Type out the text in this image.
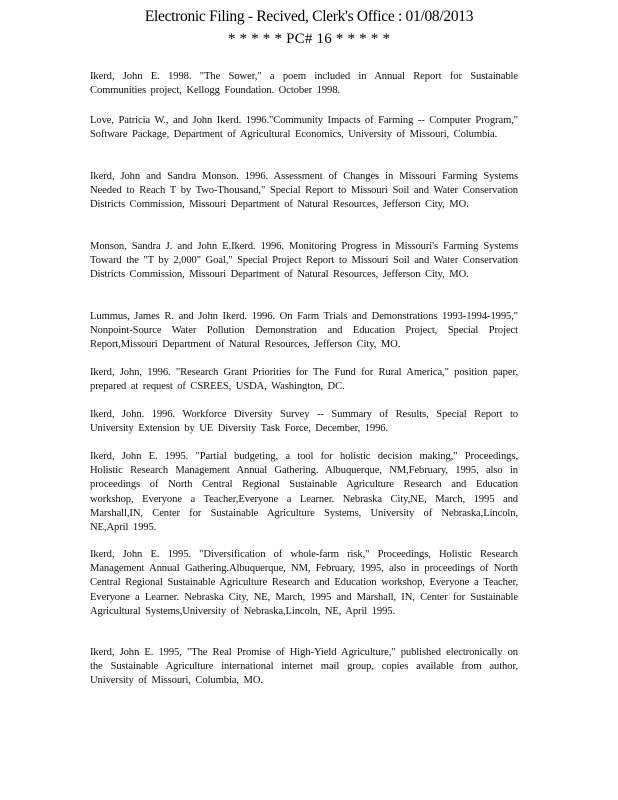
Electronic Filing - Recived, Clerk's Office : 01/08/2013
* * * * * PC# 16 * * * * *

Ikerd, John E. 1998. "The Sower," a poem included in Annual Report for Sustainable Communities project, Kellogg Foundation. October 1998.

Love, Patricia W., and John Ikerd. 1996."Community Impacts of Farming -- Computer Program," Software Package, Department of Agricultural Economics, University of Missouri, Columbia.

Ikerd, John and Sandra Monson. 1996. Assessment of Changes in Missouri Farming Systems Needed to Reach T by Two-Thousand," Special Report to Missouri Soil and Water Conservation Districts Commission, Missouri Department of Natural Resources, Jefferson City, MO.

Monson, Sandra J. and John E.Ikerd. 1996. Monitoring Progress in Missouri's Farming Systems Toward the "T by 2,000" Goal," Special Project Report to Missouri Soil and Water Conservation Districts Commission, Missouri Department of Natural Resources, Jefferson City, MO.

Lummus, James R. and John Ikerd. 1996. On Farm Trials and Demonstrations 1993-1994-1995," Nonpoint-Source Water Pollution Demonstration and Education Project, Special Project Report,Missouri Department of Natural Resources, Jefferson City, MO.

Ikerd, John, 1996. "Research Grant Priorities for The Fund for Rural America," position paper, prepared at request of CSREES, USDA, Washington, DC.

Ikerd, John. 1996. Workforce Diversity Survey -- Summary of Results, Special Report to University Extension by UE Diversity Task Force, December, 1996.

Ikerd, John E. 1995. "Partial budgeting, a tool for holistic decision making," Proceedings, Holistic Research Management Annual Gathering. Albuquerque, NM,February, 1995, also in proceedings of North Central Regional Sustainable Agriculture Research and Education workshop, Everyone a Teacher,Everyone a Learner. Nebraska City,NE, March, 1995 and Marshall,IN, Center for Sustainable Agriculture Systems, University of Nebraska,Lincoln, NE,April 1995.

Ikerd, John E. 1995. "Diversification of whole-farm risk," Proceedings, Holistic Research Management Annual Gathering.Albuquerque, NM, February, 1995, also in proceedings of North Central Regional Sustainable Agriculture Research and Education workshop, Everyone a Teacher, Everyone a Learner. Nebraska City, NE, March, 1995 and Marshall, IN, Center for Sustainable Agricultural Systems,University of Nebraska,Lincoln, NE, April 1995.

Ikerd, John E. 1995, "The Real Promise of High-Yield Agriculture," published electronically on the Sustainable Agriculture international internet mail group, copies available from author, University of Missouri, Columbia, MO.
